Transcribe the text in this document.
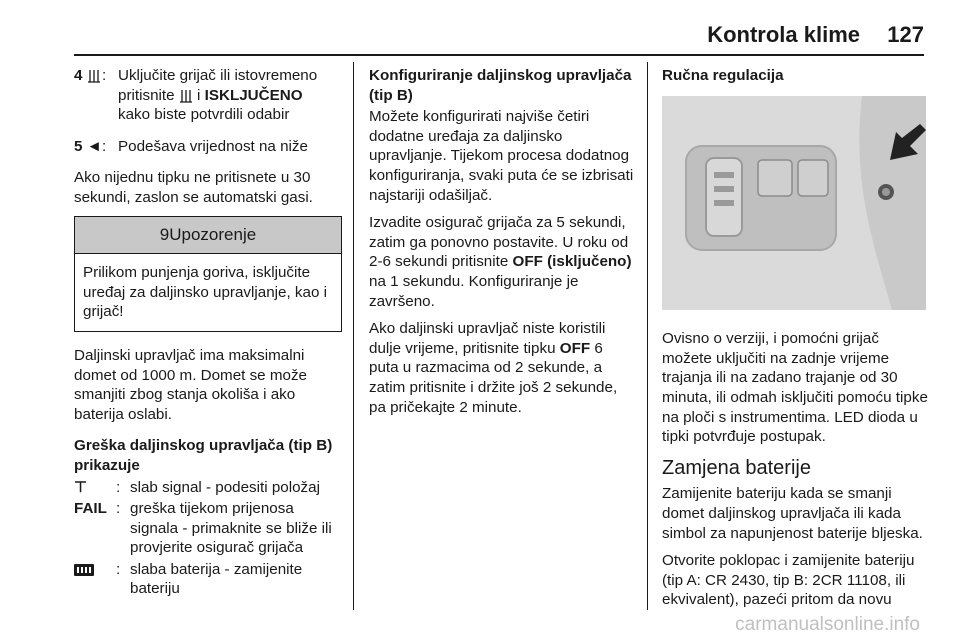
Kontrola klime 127
4	: Uključite grijač ili istovremeno
pritisnite i ISKLJUČENO
kako biste potvrdili odabir
5 ◄ : Podešava vrijednost na niže

Ako nijednu tipku ne pritisnete u 30 sekundi, zaslon se automatski gasi.

9Upozorenje
Prilikom punjenja goriva, isključite uređaj za daljinsko upravljanje, kao i grijač!

Daljinski upravljač ima maksimalni domet od 1000 m. Domet se može smanjiti zbog stanja okoliša i ako baterija oslabi.

Greška daljinskog upravljača (tip B) prikazuje
⊤	: slab signal - podesiti položaj
FAIL : greška tijekom prijenosa signala - primaknite se bliže ili provjerite osigurač grijača
: slaba baterija - zamijenite bateriju
Konfiguriranje daljinskog upravljača (tip B)

Možete konfigurirati najviše četiri dodatne uređaja za daljinsko upravljanje. Tijekom procesa dodatnog konfiguriranja, svaki puta će se izbrisati najstariji odašiljač.

Izvadite osigurač grijača za 5 sekundi, zatim ga ponovno postavite. U roku od 2-6 sekundi pritisnite OFF (isključeno) na 1 sekundu. Konfiguriranje je završeno.

Ako daljinski upravljač niste koristili dulje vrijeme, pritisnite tipku OFF 6 puta u razmacima od 2 sekunde, a zatim pritisnite i držite još 2 sekunde, pa pričekajte 2 minute.

Ručna regulacija

Ovisno o verziji, i pomoćni grijač možete uključiti na zadnje vrijeme trajanja ili na zadano trajanje od 30 minuta, ili odmah isključiti pomoću tipke na ploči s instrumentima. LED dioda u tipki potvrđuje postupak.

Zamjena baterije

Zamijenite bateriju kada se smanji domet daljinskog upravljača ili kada simbol za napunjenost baterije bljeska.

Otvorite poklopac i zamijenite bateriju (tip A: CR 2430, tip B: 2CR 11108, ili ekvivalent), pazeći pritom da novu

carmanualsonline.info
